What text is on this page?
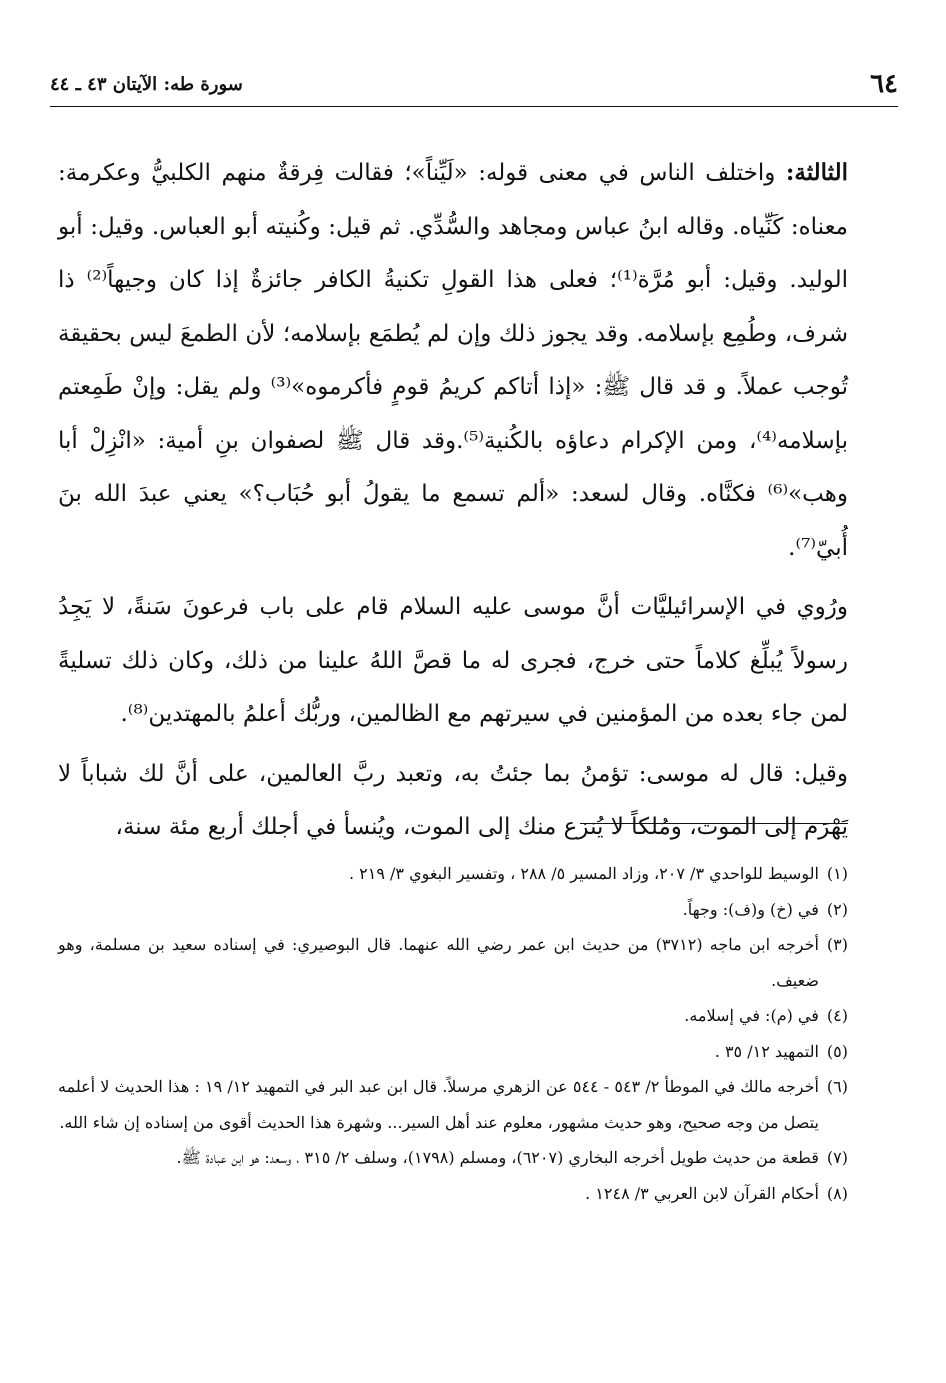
٦٤
سورة طه: الآيتان ٤٣ ـ ٤٤

الثالثة: واختلف الناس في معنى قوله: «لَيِّناً»؛ فقالت فِرقةٌ منهم الكلبيُّ وعكرمة: معناه: كَنِّياه. وقاله ابنُ عباس ومجاهد والسُّدِّي. ثم قيل: وكُنيته أبو العباس. وقيل: أبو الوليد. وقيل: أبو مُرَّة⁽¹⁾؛ فعلى هذا القولِ تكنيةُ الكافر جائزةٌ إذا كان وجيهاً⁽²⁾ ذا شرف، وطُمِع بإسلامه. وقد يجوز ذلك وإن لم يُطمَع بإسلامه؛ لأن الطمعَ ليس بحقيقة تُوجب عملاً. و قد قال ﷺ: «إذا أتاكم كريمُ قومٍ فأكرموه»⁽³⁾ ولم يقل: وإنْ طَمِعتم بإسلامه⁽⁴⁾، ومن الإكرام دعاؤه بالكُنية⁽⁵⁾.وقد قال ﷺ لصفوان بنِ أمية: «انْزِلْ أبا وهب»⁽⁶⁾ فكنَّاه. وقال لسعد: «ألم تسمع ما يقولُ أبو حُبَاب؟» يعني عبدَ الله بنَ أُبيّ⁽⁷⁾.

ورُوي في الإسرائيليَّات أنَّ موسى عليه السلام قام على باب فرعونَ سَنةً، لا يَجِدُ رسولاً يُبلِّغ كلاماً حتى خرج، فجرى له ما قصَّ اللهُ علينا من ذلك، وكان ذلك تسليةً لمن جاء بعده من المؤمنين في سيرتهم مع الظالمين، وربُّك أعلمُ بالمهتدين⁽⁸⁾.

وقيل: قال له موسى: تؤمنُ بما جئتُ به، وتعبد ربَّ العالمين، على أنَّ لك شباباً لا يَهْرَم إلى الموت، ومُلكاً لا يُنزع منك إلى الموت، ويُنسأ في أجلك أربع مئة سنة،

(١)
الوسيط للواحدي ٣/ ٢٠٧، وزاد المسير ٥/ ٢٨٨ ، وتفسير البغوي ٣/ ٢١٩ .
(٢)
في (خ) و(ف): وجهاً.
(٣)
أخرجه ابن ماجه (٣٧١٢) من حديث ابن عمر رضي الله عنهما. قال البوصيري: في إسناده سعيد بن مسلمة، وهو ضعيف.
(٤)
في (م): في إسلامه.
(٥)
التمهيد ١٢/ ٣٥ .
(٦)
أخرجه مالك في الموطأ ٢/ ٥٤٣ - ٥٤٤ عن الزهري مرسلاً. قال ابن عبد البر في التمهيد ١٢/ ١٩ : هذا الحديث لا أعلمه يتصل من وجه صحيح، وهو حديث مشهور، معلوم عند أهل السير... وشهرة هذا الحديث أقوى من إسناده إن شاء الله.
(٧)
قطعة من حديث طويل أخرجه البخاري (٦٢٠٧)، ومسلم (١٧٩٨)، وسلف ٢/ ٣١٥ ، وسعد: هو ابن عبادة ﷺ.
(٨)
أحكام القرآن لابن العربي ٣/ ١٢٤٨ .
